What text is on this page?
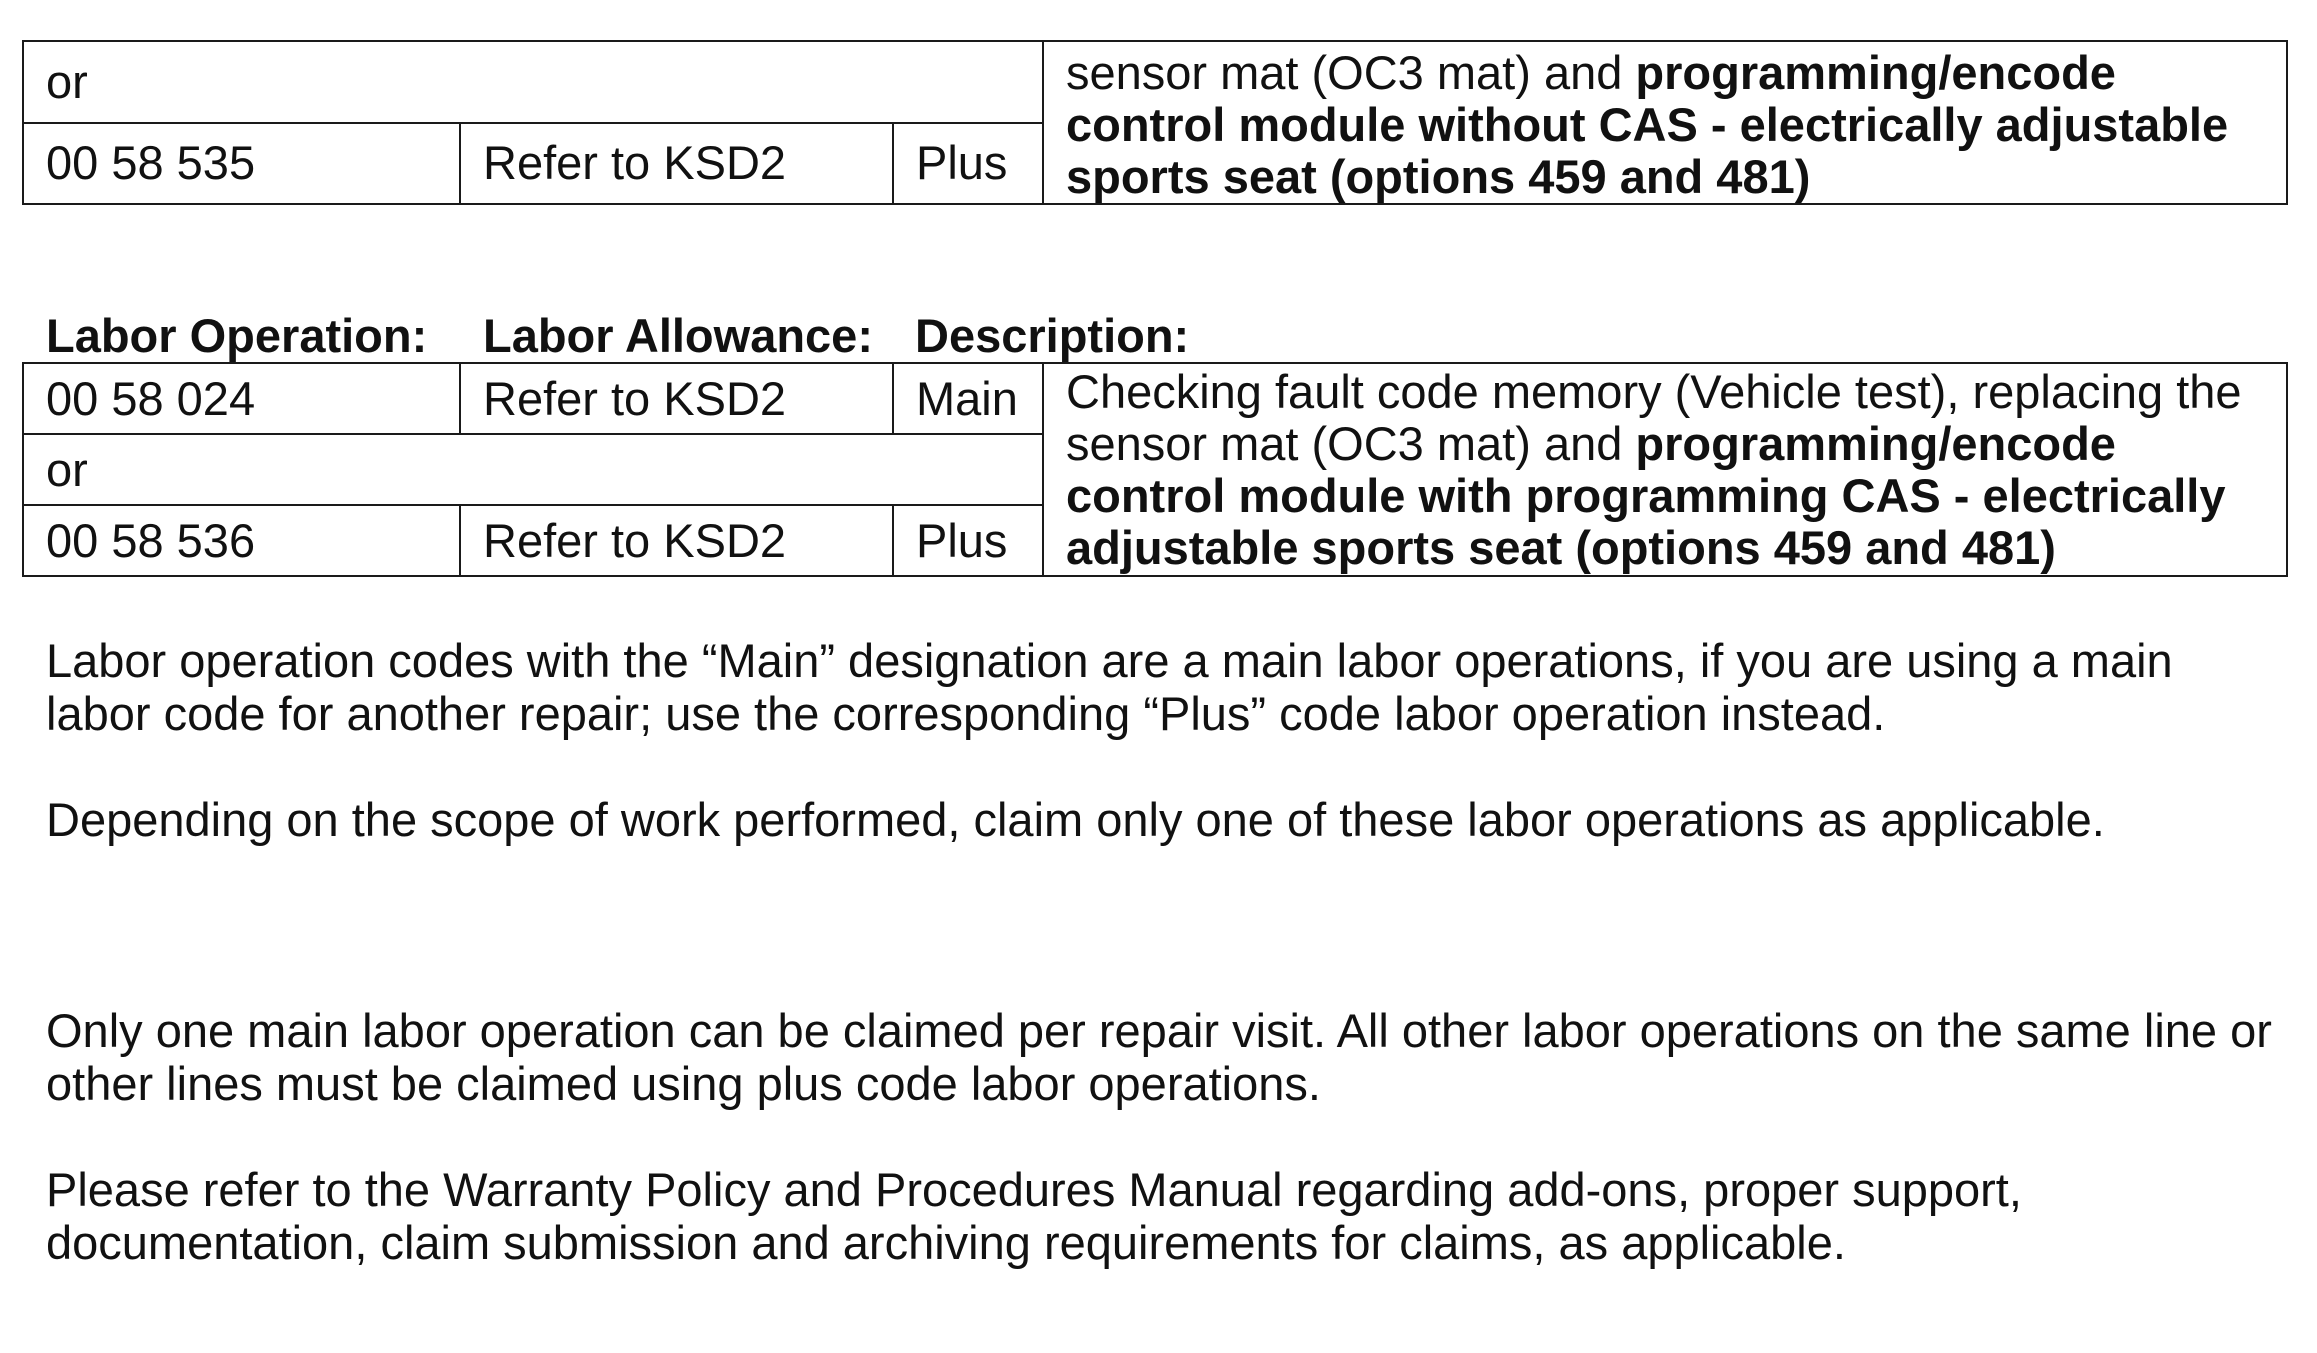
or			sensor mat (OC3 mat) and programming/encode control module without CAS - electrically adjustable sports seat (options 459 and 481)
00 58 535	Refer to KSD2	Plus	
Labor Operation: Labor Allowance: Description:
00 58 024	Refer to KSD2	Main	Checking fault code memory (Vehicle test), replacing the sensor mat (OC3 mat) and programming/encode control module with programming CAS - electrically adjustable sports seat (options 459 and 481)
or			
00 58 536	Refer to KSD2	Plus	

Labor operation codes with the “Main” designation are a main labor operations, if you are using a main labor code for another repair; use the corresponding “Plus” code labor operation instead.

Depending on the scope of work performed, claim only one of these labor operations as applicable.

Only one main labor operation can be claimed per repair visit. All other labor operations on the same line or other lines must be claimed using plus code labor operations.

Please refer to the Warranty Policy and Procedures Manual regarding add-ons, proper support, documentation, claim submission and archiving requirements for claims, as applicable.
